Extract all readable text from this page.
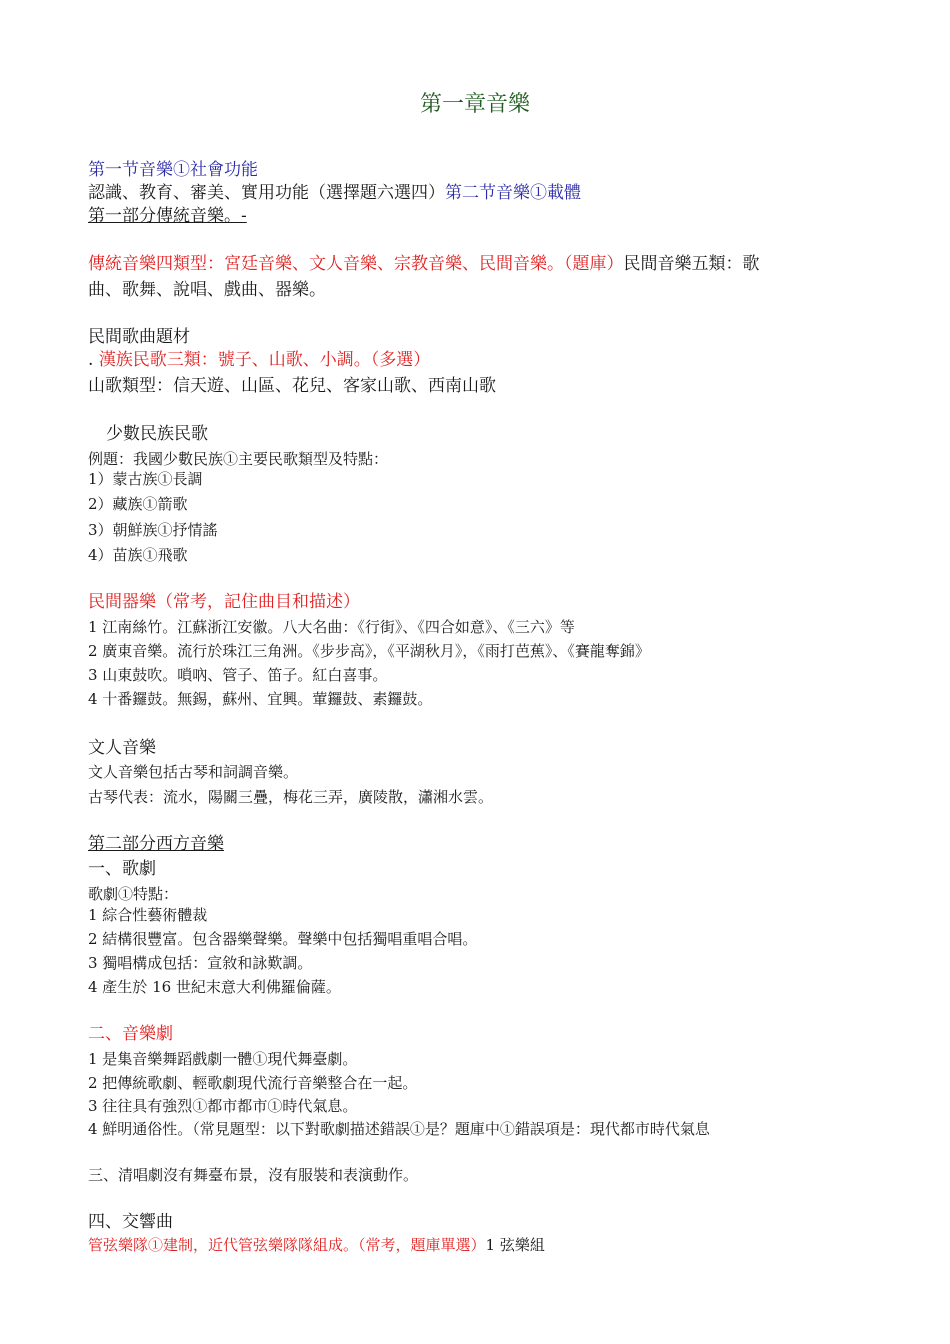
第一章音樂
第一节音樂①社會功能
認識、教育、審美、實用功能（選擇題六選四）第二节音樂①載體
第一部分傳統音樂。-
傳統音樂四類型：宮廷音樂、文人音樂、宗教音樂、民間音樂。（題庫）民間音樂五類：歌
曲、歌舞、說唱、戲曲、器樂。
民間歌曲題材
. 漢族民歌三類：號子、山歌、小調。（多選）
山歌類型：信天遊、山區、花兒、客家山歌、西南山歌
少數民族民歌
例題：我國少數民族①主要民歌類型及特點：
1）蒙古族①長調
2）藏族①箭歌
3）朝鮮族①抒情謠
4）苗族①飛歌
民間器樂（常考，記住曲目和描述）
1 江南絲竹。江蘇浙江安徽。八大名曲：《行街》、《四合如意》、《三六》等
2 廣東音樂。流行於珠江三角洲。《步步高》，《平湖秋月》，《雨打芭蕉》、《賽龍奪錦》
3 山東鼓吹。嗩吶、管子、笛子。紅白喜事。
4 十番鑼鼓。無錫，蘇州、宜興。葷鑼鼓、素鑼鼓。
文人音樂
文人音樂包括古琴和詞調音樂。
古琴代表：流水，陽關三疊，梅花三弄，廣陵散，瀟湘水雲。
第二部分西方音樂
一、歌劇
歌劇①特點：
1 綜合性藝術體裁
2 結構很豐富。包含器樂聲樂。聲樂中包括獨唱重唱合唱。
3 獨唱構成包括：宣敘和詠歎調。
4 產生於 16 世紀末意大利佛羅倫薩。
二、音樂劇
1 是集音樂舞蹈戲劇一體①現代舞臺劇。
2 把傳統歌劇、輕歌劇現代流行音樂整合在一起。
3 往往具有強烈①都市都市①時代氣息。
4 鮮明通俗性。（常見題型：以下對歌劇描述錯誤①是？題庫中①錯誤項是：現代都市時代氣息
三、清唱劇沒有舞臺布景，沒有服裝和表演動作。
四、交響曲
管弦樂隊①建制，近代管弦樂隊隊組成。（常考，題庫單選）1 弦樂組
